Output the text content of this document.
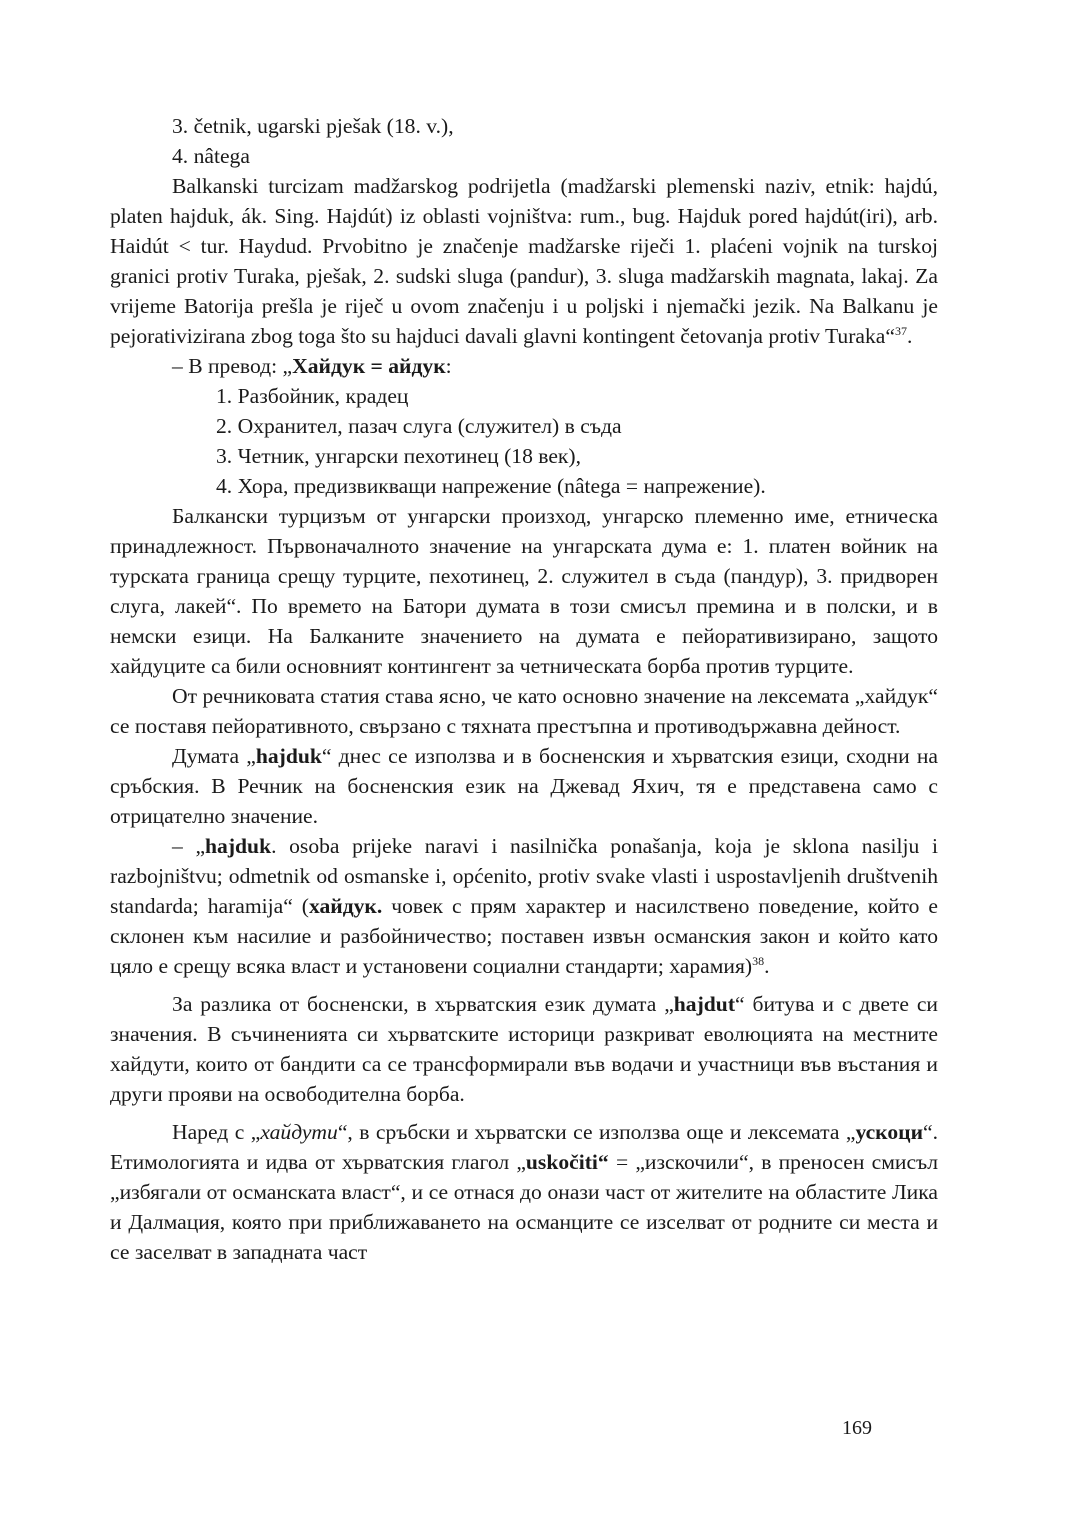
3. četnik, ugarski pješak (18. v.),
4. nâtega

Balkanski turcizam madžarskog podrijetla (madžarski plemenski naziv, etnik: hajdú, platen hajduk, ák. Sing. Hajdút) iz oblasti vojništva: rum., bug. Hajduk pored hajdút(iri), arb. Haidút < tur. Haydud. Prvobitno je značenje madžarske riječi 1. plaćeni vojnik na turskoj granici protiv Turaka, pješak, 2. sudski sluga (pandur), 3. sluga madžarskih magnata, lakaj. Za vrijeme Batorija prešla je riječ u ovom značenju i u poljski i njemački jezik. Na Balkanu je pejorativizirana zbog toga što su hajduci davali glavni kontingent četovanja protiv Turaka“$^{37}$.

– В превод: „Хайдук = айдук:
1. Разбойник, крадец
2. Охранител, пазач слуга (служител) в съда
3. Четник, унгарски пехотинец (18 век),
4. Хора, предизвикващи напрежение (nâtega = напрежение).

Балкански турцизъм от унгарски произход, унгарско племенно име, етническа принадлежност. Първоначалното значение на унгарската дума е: 1. платен войник на турската граница срещу турците, пехотинец, 2. служител в съда (пандур), 3. придворен слуга, лакей“. По времето на Батори думата в този смисъл премина и в полски, и в немски езици. На Балканите значението на думата е пейоративизирано, защото хайдуците са били основният контингент за четническата борба против турците.

От речниковата статия става ясно, че като основно значение на лексемата „хайдук“ се поставя пейоративното, свързано с тяхната престъпна и противодържавна дейност.

Думата „hajduk“ днес се използва и в босненския и хърватския езици, сходни на сръбския. В Речник на босненския език на Джевад Яхич, тя е представена само с отрицателно значение.

– „hajduk. osoba prijeke naravi i nasilnička ponašanja, koja je sklona nasilju i razbojništvu; odmetnik od osmanske i, općenito, protiv svake vlasti i uspostavljenih društvenih standarda; haramija“ (хайдук. човек с прям характер и насилствено поведение, който е склонен към насилие и разбойничество; поставен извън османския закон и който като цяло е срещу всяка власт и установени социални стандарти; харамия)$^{38}$.

За разлика от босненски, в хърватския език думата „hajdut“ битува и с двете си значения. В съчиненията си хърватските историци разкриват еволюцията на местните хайдути, които от бандити са се трансформирали във водачи и участници във въстания и други прояви на освободителна борба.

Наред с „хайдути“, в сръбски и хърватски се използва още и лексемата „ускоци“. Етимологията и идва от хърватския глагол „uskočiti“ = „изскочили“, в преносен смисъл „избягали от османската власт“, и се отнася до онази част от жителите на областите Лика и Далмация, която при приближаването на османците се изселват от родните си места и се заселват в западната част

169
